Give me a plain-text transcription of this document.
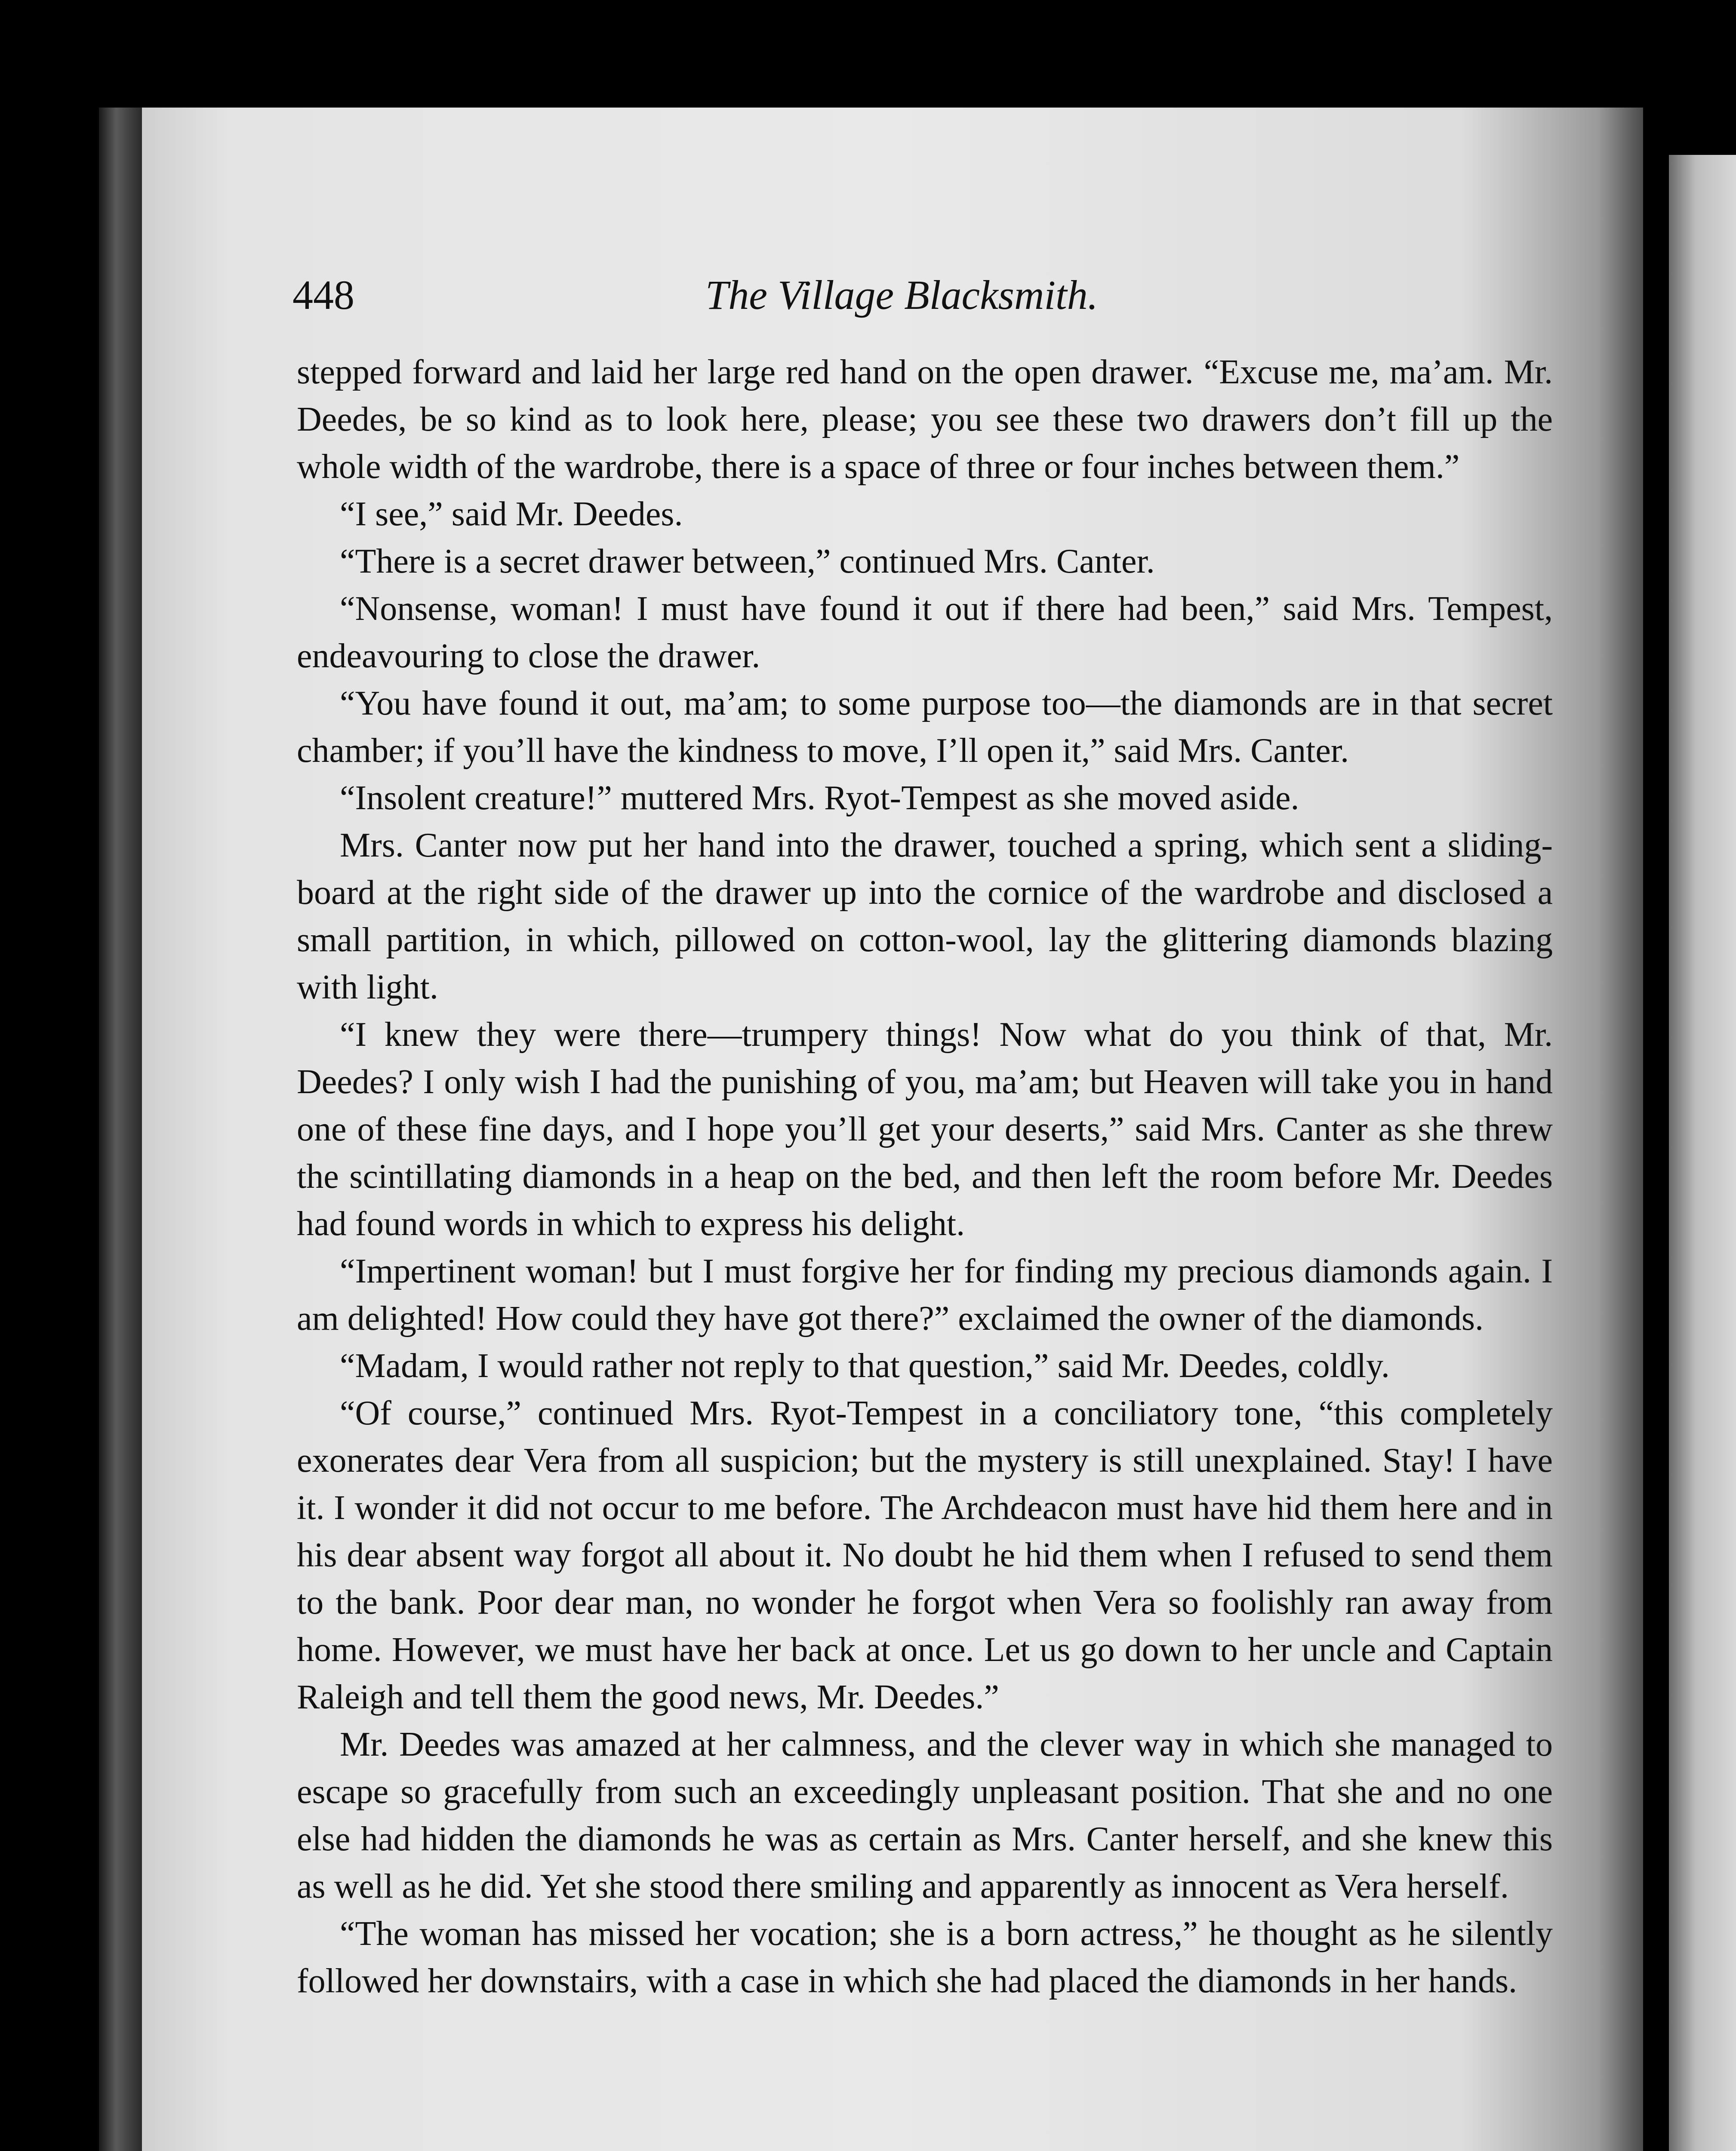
448	The Village Blacksmith.

stepped forward and laid her large red hand on the open drawer. “Excuse me, ma’am. Mr. Deedes, be so kind as to look here, please; you see these two drawers don’t fill up the whole width of the wardrobe, there is a space of three or four inches between them.”

“I see,” said Mr. Deedes.

“There is a secret drawer between,” continued Mrs. Canter.

“Nonsense, woman! I must have found it out if there had been,” said Mrs. Tempest, endeavouring to close the drawer.

“You have found it out, ma’am; to some purpose too—the diamonds are in that secret chamber; if you’ll have the kindness to move, I’ll open it,” said Mrs. Canter.

“Insolent creature!” muttered Mrs. Ryot-Tempest as she moved aside.

Mrs. Canter now put her hand into the drawer, touched a spring, which sent a sliding-board at the right side of the drawer up into the cornice of the wardrobe and disclosed a small partition, in which, pillowed on cotton-wool, lay the glittering diamonds blazing with light.

“I knew they were there—trumpery things! Now what do you think of that, Mr. Deedes? I only wish I had the punishing of you, ma’am; but Heaven will take you in hand one of these fine days, and I hope you’ll get your deserts,” said Mrs. Canter as she threw the scintillating diamonds in a heap on the bed, and then left the room before Mr. Deedes had found words in which to express his delight.

“Impertinent woman! but I must forgive her for finding my precious diamonds again. I am delighted! How could they have got there?” exclaimed the owner of the diamonds.

“Madam, I would rather not reply to that question,” said Mr. Deedes, coldly.

“Of course,” continued Mrs. Ryot-Tempest in a conciliatory tone, “this completely exonerates dear Vera from all suspicion; but the mystery is still unexplained. Stay! I have it. I wonder it did not occur to me before. The Archdeacon must have hid them here and in his dear absent way forgot all about it. No doubt he hid them when I refused to send them to the bank. Poor dear man, no wonder he forgot when Vera so foolishly ran away from home. However, we must have her back at once. Let us go down to her uncle and Captain Raleigh and tell them the good news, Mr. Deedes.”

Mr. Deedes was amazed at her calmness, and the clever way in which she managed to escape so gracefully from such an exceedingly unpleasant position. That she and no one else had hidden the diamonds he was as certain as Mrs. Canter herself, and she knew this as well as he did. Yet she stood there smiling and apparently as innocent as Vera herself.

“The woman has missed her vocation; she is a born actress,” he thought as he silently followed her downstairs, with a case in which she had placed the diamonds in her hands.
